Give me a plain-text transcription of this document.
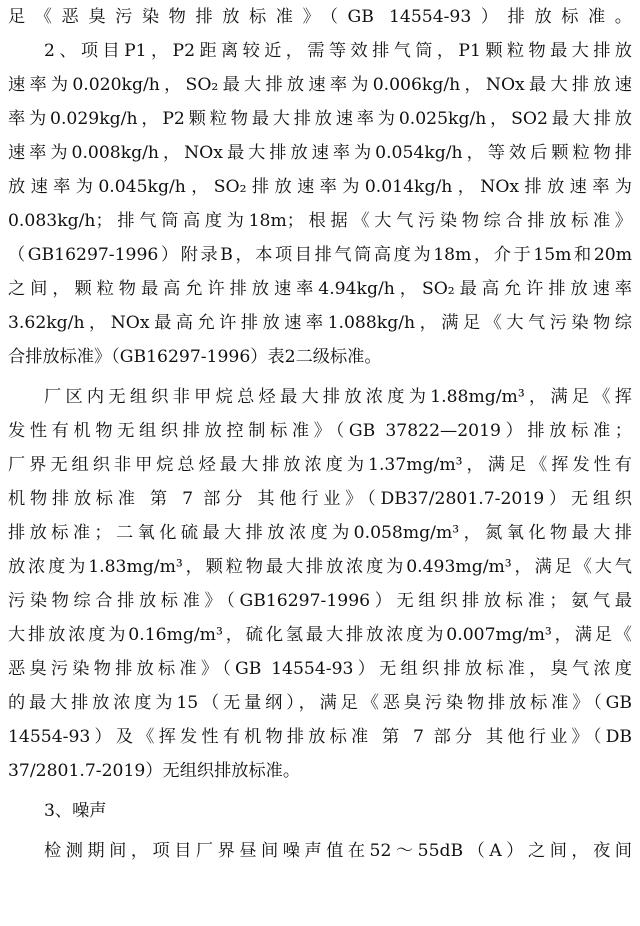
足《恶臭污染物排放标准》（GB 14554-93）排放标准。
2、项目P1，P2距离较近，需等效排气筒，P1颗粒物最大排放
速率为0.020kg/h，SO₂最大排放速率为0.006kg/h，NOx最大排放速
率为0.029kg/h，P2颗粒物最大排放速率为0.025kg/h，SO2最大排放
速率为0.008kg/h，NOx最大排放速率为0.054kg/h，等效后颗粒物排
放速率为0.045kg/h，SO₂排放速率为0.014kg/h，NOx排放速率为
0.083kg/h；排气筒高度为18m；根据《大气污染物综合排放标准》
（GB16297-1996）附录B，本项目排气筒高度为18m，介于15m和20m
之间，颗粒物最高允许排放速率4.94kg/h，SO₂最高允许排放速率
3.62kg/h，NOx最高允许排放速率1.088kg/h，满足《大气污染物综
合排放标准》（GB16297-1996）表2二级标准。
厂区内无组织非甲烷总烃最大排放浓度为1.88mg/m³，满足《挥
发性有机物无组织排放控制标准》（GB 37822—2019）排放标准；
厂界无组织非甲烷总烃最大排放浓度为1.37mg/m³，满足《挥发性有
机物排放标准 第 7 部分 其他行业》（DB37/2801.7-2019）无组织
排放标准；二氧化硫最大排放浓度为0.058mg/m³，氮氧化物最大排
放浓度为1.83mg/m³，颗粒物最大排放浓度为0.493mg/m³，满足《大气
污染物综合排放标准》（GB16297-1996）无组织排放标准；氨气最
大排放浓度为0.16mg/m³，硫化氢最大排放浓度为0.007mg/m³，满足《
恶臭污染物排放标准》（GB 14554-93）无组织排放标准，臭气浓度
的最大排放浓度为15（无量纲），满足《恶臭污染物排放标准》（GB
14554-93）及《挥发性有机物排放标准 第 7 部分 其他行业》（DB
37/2801.7-2019）无组织排放标准。
3、噪声
检测期间，项目厂界昼间噪声值在52～55dB（A）之间，夜间
